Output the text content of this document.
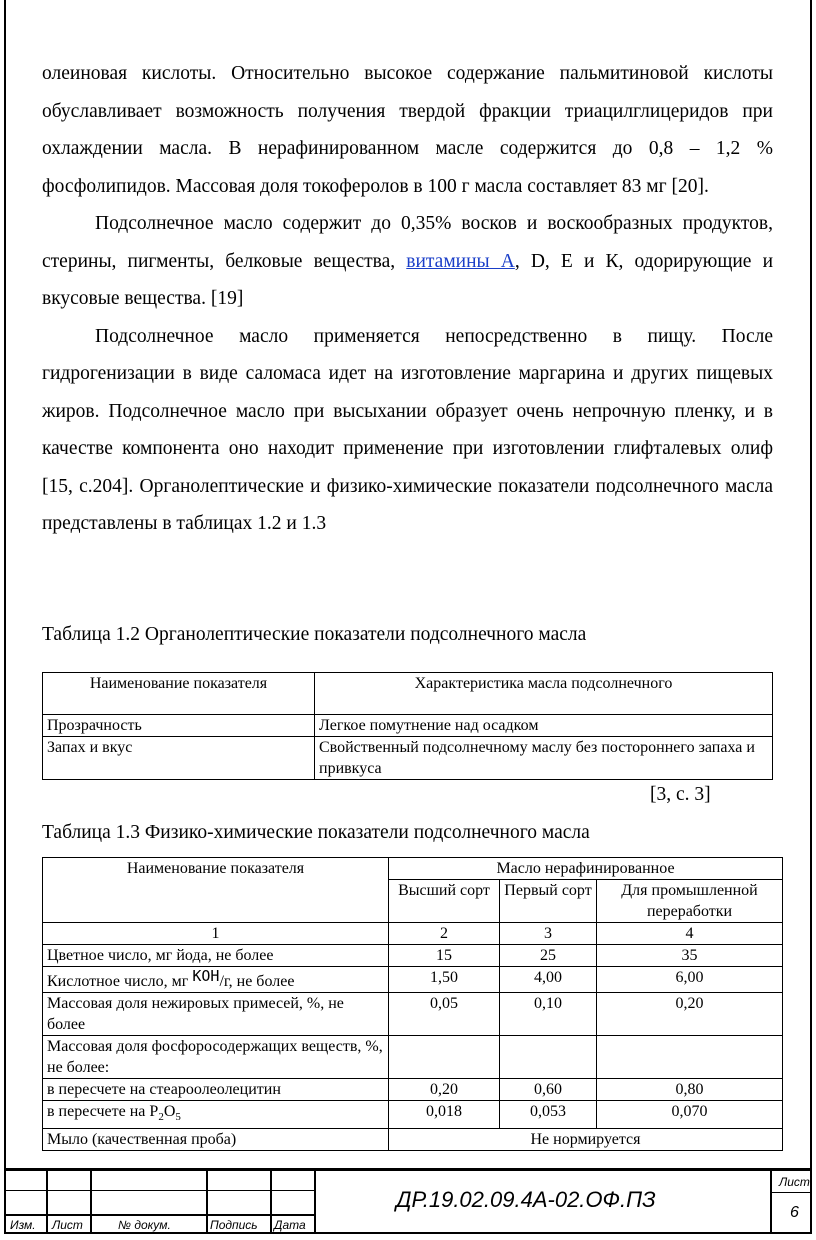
олеиновая кислоты. Относительно высокое содержание пальмитиновой кислоты обуславливает возможность получения твердой фракции триацилглицеридов при охлаждении масла. В нерафинированном масле содержится до 0,8 – 1,2 % фосфолипидов. Массовая доля токоферолов в 100 г масла составляет 83 мг [20].

Подсолнечное масло содержит до 0,35% восков и воскообразных продуктов, стерины, пигменты, белковые вещества, витамины А, D, Е и К, одорирующие и вкусовые вещества. [19]

Подсолнечное масло применяется непосредственно в пищу. После гидрогенизации в виде саломаса идет на изготовление маргарина и других пищевых жиров. Подсолнечное масло при высыхании образует очень непрочную пленку, и в качестве компонента оно находит применение при изготовлении глифталевых олиф [15, с.204]. Органолептические и физико-химические показатели подсолнечного масла представлены в таблицах 1.2 и 1.3

Таблица 1.2 Органолептические показатели подсолнечного масла
Наименование показателя	Характеристика масла подсолнечного
Прозрачность	Легкое помутнение над осадком
Запах и вкус	Свойственный подсолнечному маслу без постороннего запаха и привкуса
[3, с. 3]
Таблица 1.3 Физико-химические показатели подсолнечного масла
Наименование показателя	Масло нерафинированное		
	Высший сорт	Первый сорт	Для промышленной переработки
1	2	3	4
Цветное число, мг йода, не более	15	25	35
Кислотное число, мг KOH/г, не более	1,50	4,00	6,00
Массовая доля нежировых примесей, %, не более	0,05	0,10	0,20
Массовая доля фосфоросодержащих веществ, %, не более:			
в пересчете на стеароолеолецитин	0,20	0,60	0,80
в пересчете на $Р_2О_5$	0,018	0,053	0,070
Мыло (качественная проба)	Не нормируется		
Изм. Лист	№ докум.	Подпись Дата
ДР.19.02.09.4А-02.ОФ.ПЗ
Лист
6
